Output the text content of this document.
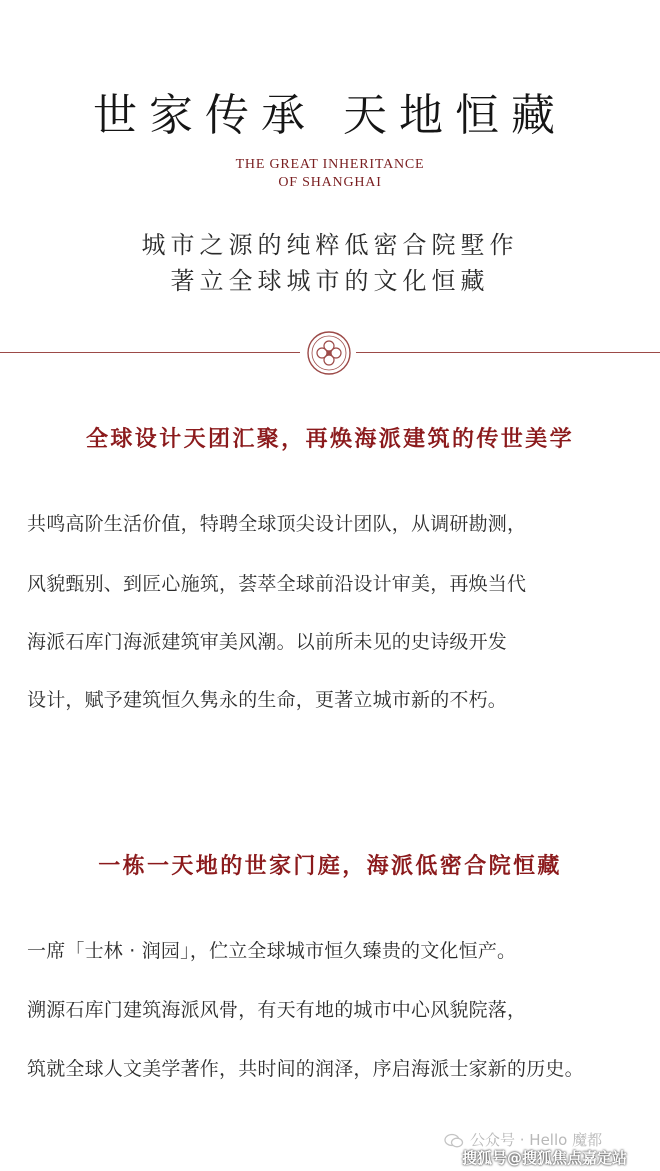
世家传承 天地恒藏
THE GREAT INHERITANCE
OF SHANGHAI
城市之源的纯粹低密合院墅作
著立全球城市的文化恒藏
全球设计天团汇聚，再焕海派建筑的传世美学
共鸣高阶生活价值，特聘全球顶尖设计团队，从调研勘测，
风貌甄别、到匠心施筑，荟萃全球前沿设计审美，再焕当代
海派石库门海派建筑审美风潮。以前所未见的史诗级开发
设计，赋予建筑恒久隽永的生命，更著立城市新的不朽。
一栋一天地的世家门庭，海派低密合院恒藏
一席「士林 · 润园」，伫立全球城市恒久臻贵的文化恒产。
溯源石库门建筑海派风骨，有天有地的城市中心风貌院落，
筑就全球人文美学著作，共时间的润泽，序启海派士家新的历史。
公众号 · Hello 魔都
搜狐号@搜狐焦点嘉定站
